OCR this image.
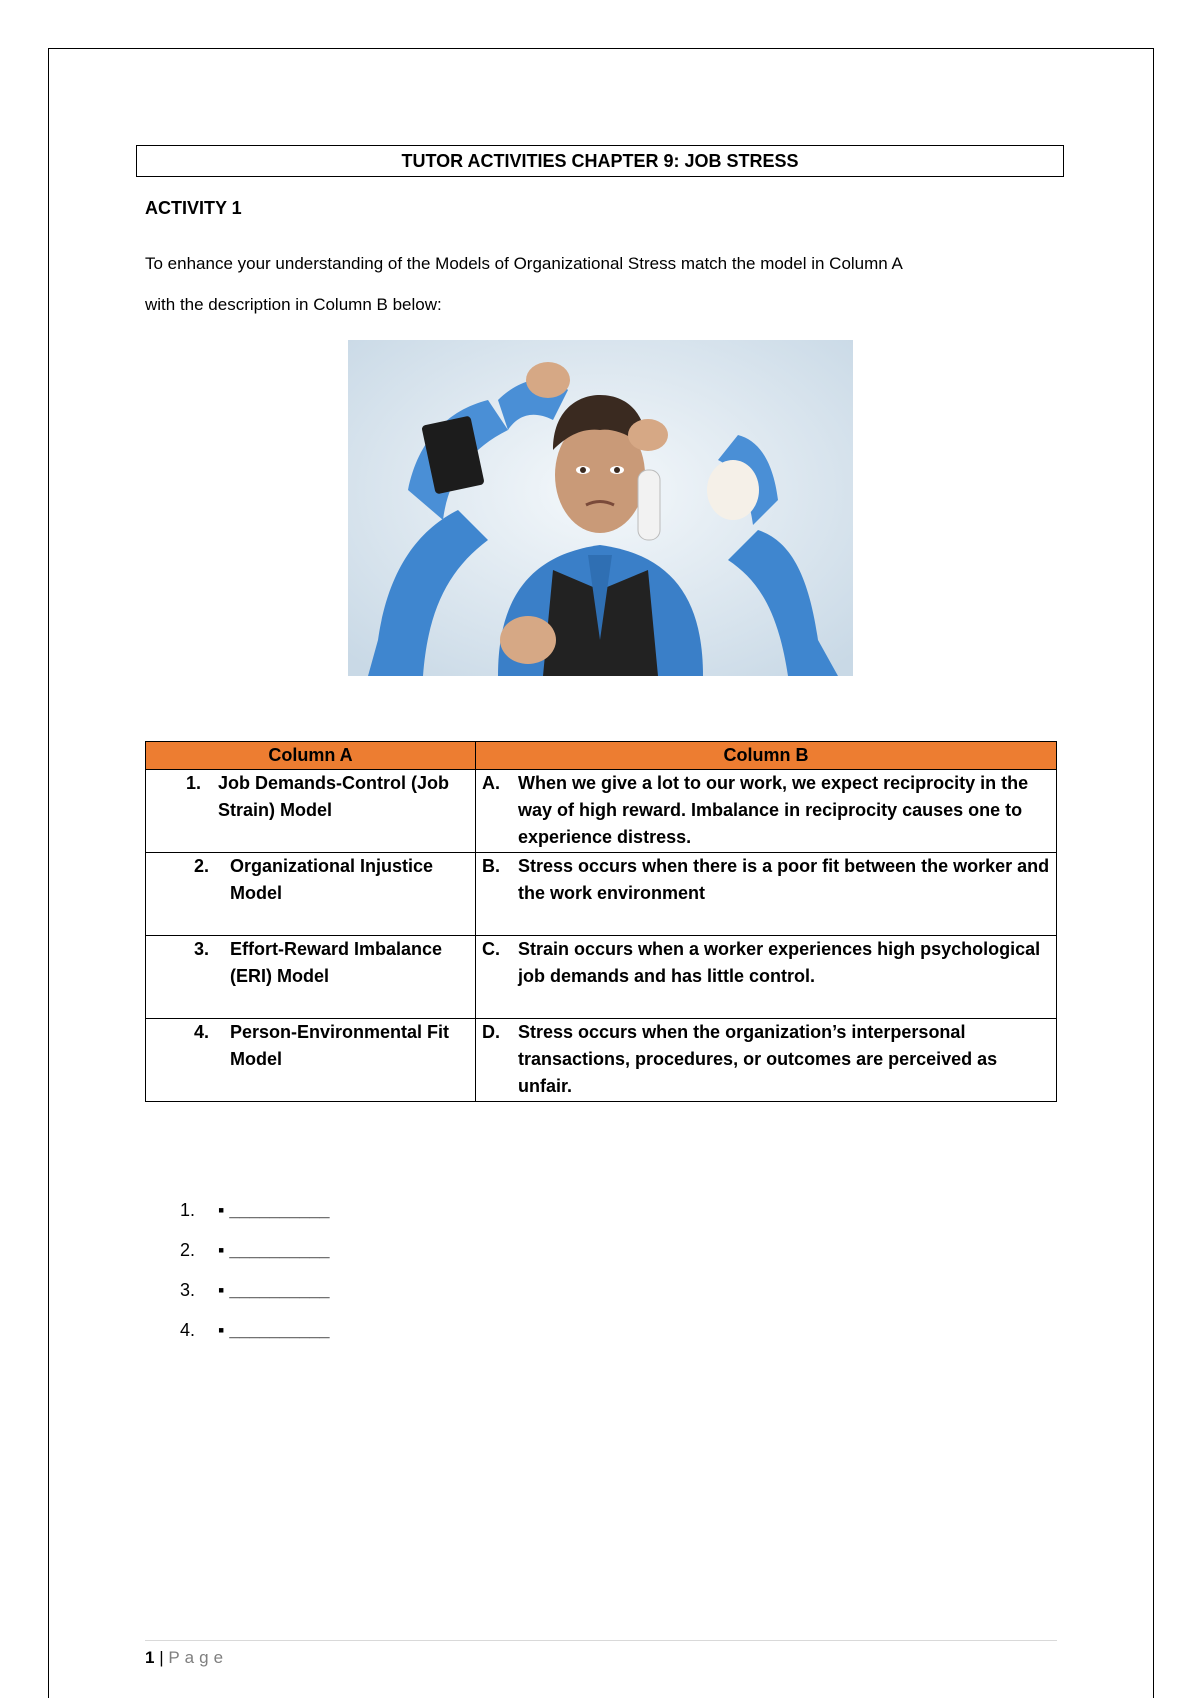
TUTOR ACTIVITIES CHAPTER 9: JOB STRESS
ACTIVITY 1
To enhance your understanding of the Models of Organizational Stress match the model in Column A
with the description in Column B below:
Column A	Column B

1. Job Demands-Control (Job Strain) Model	A. When we give a lot to our work, we expect reciprocity in the way of high reward. Imbalance in reciprocity causes one to experience distress.

2. Organizational Injustice Model	B. Stress occurs when there is a poor fit between the worker and the work environment

3. Effort-Reward Imbalance (ERI) Model	C. Strain occurs when a worker experiences high psychological job demands and has little control.

4. Person-Environmental Fit Model	D. Stress occurs when the organization’s interpersonal transactions, procedures, or outcomes are perceived as unfair.
1.	▪ __________
2.	▪ __________
3.	▪ __________
4.	▪ __________
1 | Page
